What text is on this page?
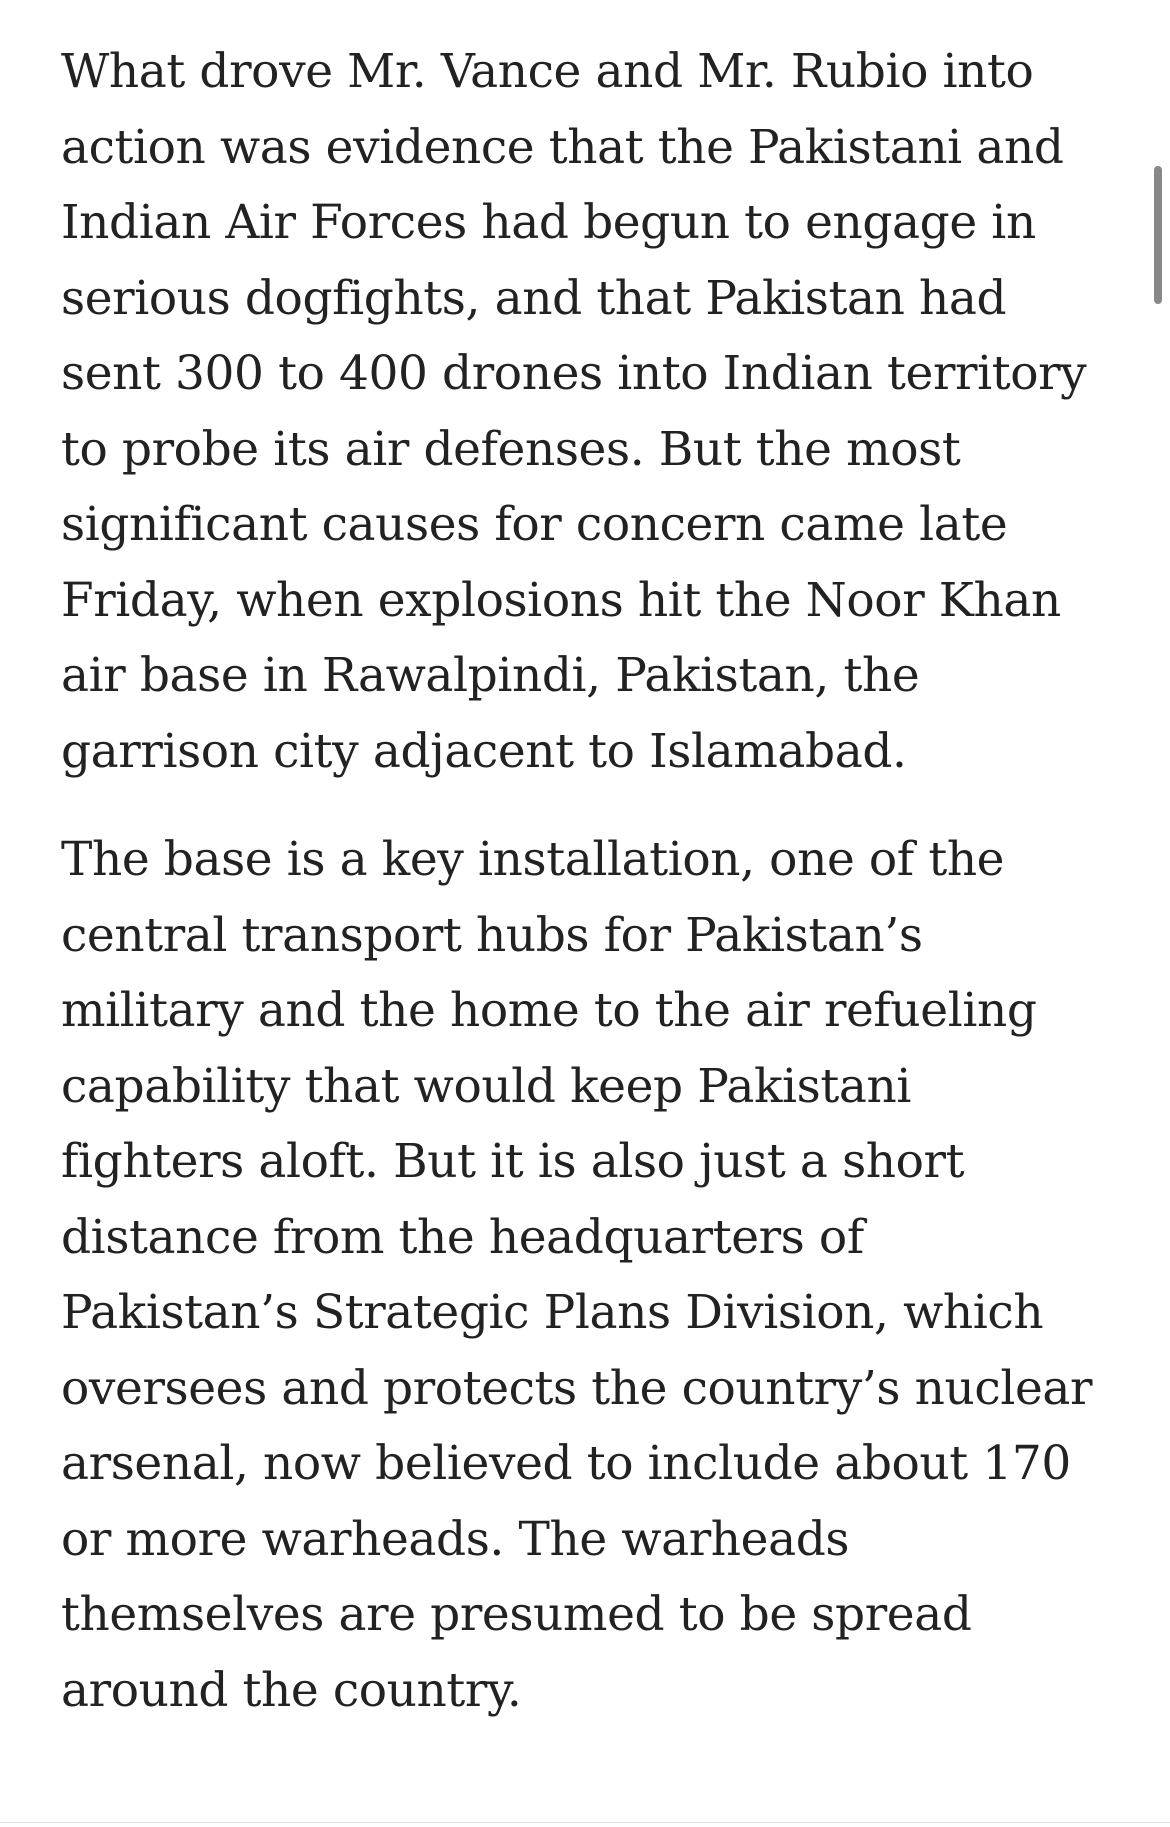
What drove Mr. Vance and Mr. Rubio into
action was evidence that the Pakistani and
Indian Air Forces had begun to engage in
serious dogfights, and that Pakistan had
sent 300 to 400 drones into Indian territory
to probe its air defenses. But the most
significant causes for concern came late
Friday, when explosions hit the Noor Khan
air base in Rawalpindi, Pakistan, the
garrison city adjacent to Islamabad.

The base is a key installation, one of the
central transport hubs for Pakistan’s
military and the home to the air refueling
capability that would keep Pakistani
fighters aloft. But it is also just a short
distance from the headquarters of
Pakistan’s Strategic Plans Division, which
oversees and protects the country’s nuclear
arsenal, now believed to include about 170
or more warheads. The warheads
themselves are presumed to be spread
around the country.
